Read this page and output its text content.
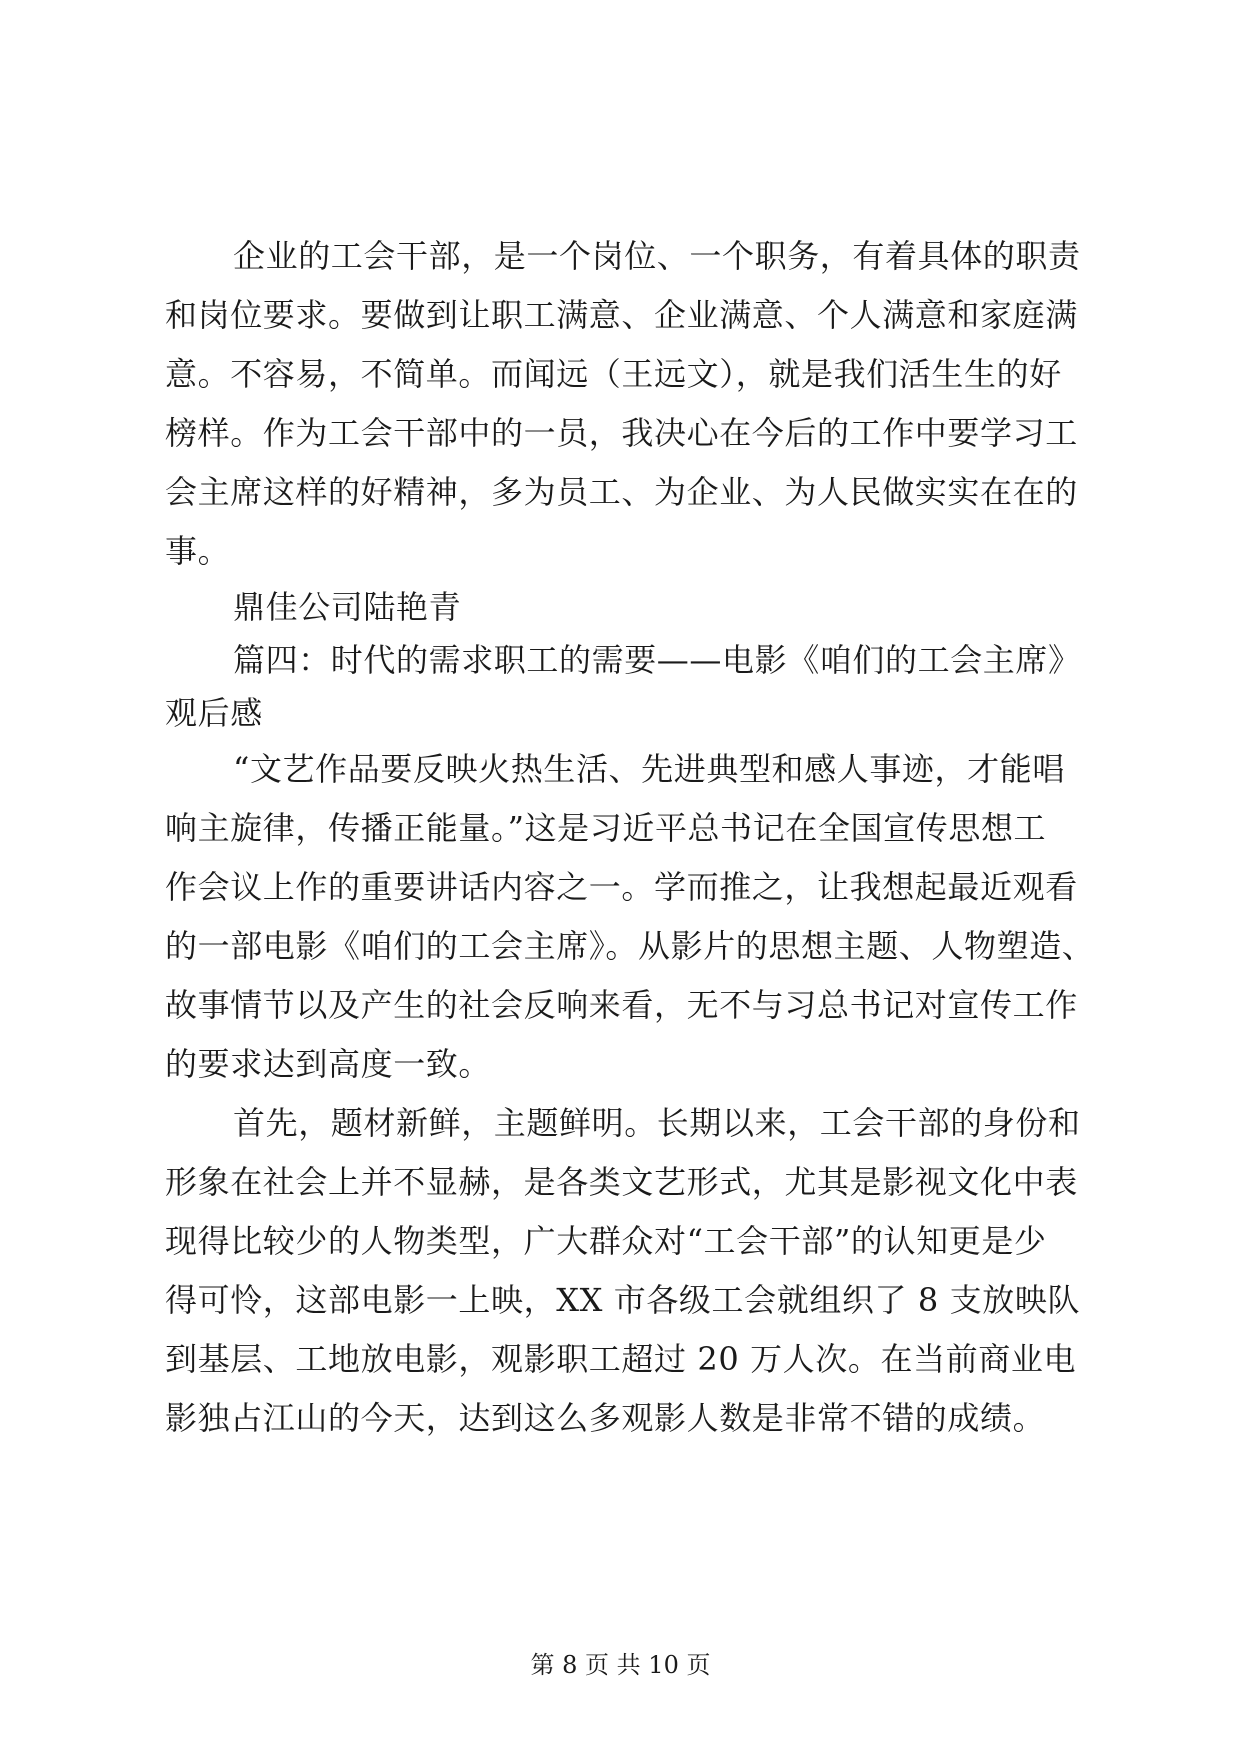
企业的工会干部，是一个岗位、一个职务，有着具体的职责
和岗位要求。要做到让职工满意、企业满意、个人满意和家庭满
意。不容易，不简单。而闻远（王远文），就是我们活生生的好
榜样。作为工会干部中的一员，我决心在今后的工作中要学习工
会主席这样的好精神，多为员工、为企业、为人民做实实在在的
事。
鼎佳公司陆艳青
篇四：时代的需求职工的需要——电影《咱们的工会主席》
观后感
“文艺作品要反映火热生活、先进典型和感人事迹，才能唱
响主旋律，传播正能量。”这是习近平总书记在全国宣传思想工
作会议上作的重要讲话内容之一。学而推之，让我想起最近观看
的一部电影《咱们的工会主席》。从影片的思想主题、人物塑造、
故事情节以及产生的社会反响来看，无不与习总书记对宣传工作
的要求达到高度一致。
首先，题材新鲜，主题鲜明。长期以来，工会干部的身份和
形象在社会上并不显赫，是各类文艺形式，尤其是影视文化中表
现得比较少的人物类型，广大群众对“工会干部”的认知更是少
得可怜，这部电影一上映，XX 市各级工会就组织了 8 支放映队
到基层、工地放电影，观影职工超过 20 万人次。在当前商业电
影独占江山的今天，达到这么多观影人数是非常不错的成绩。
第 8 页 共 10 页
